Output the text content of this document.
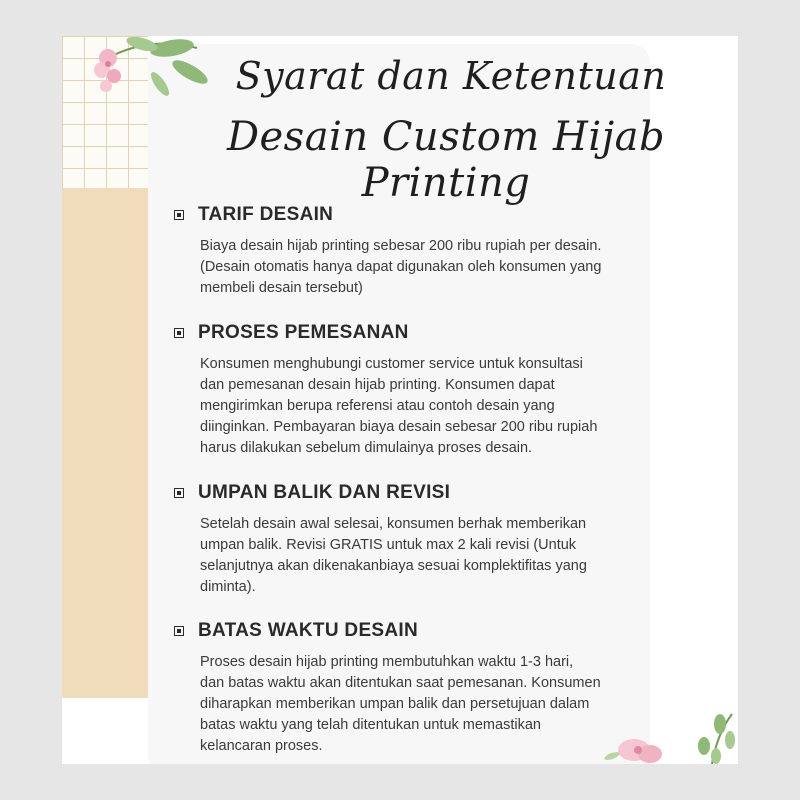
Syarat dan Ketentuan
Desain Custom Hijab Printing
TARIF DESAIN
Biaya desain hijab printing sebesar 200 ribu rupiah per desain.
(Desain otomatis hanya dapat digunakan oleh konsumen yang
membeli desain tersebut)
PROSES PEMESANAN
Konsumen menghubungi customer service untuk konsultasi
dan pemesanan desain hijab printing. Konsumen dapat
mengirimkan berupa referensi atau contoh desain yang
diinginkan. Pembayaran biaya desain sebesar 200 ribu rupiah
harus dilakukan sebelum dimulainya proses desain.
UMPAN BALIK DAN REVISI
Setelah desain awal selesai, konsumen berhak memberikan
umpan balik. Revisi GRATIS untuk max 2 kali revisi (Untuk
selanjutnya akan dikenakanbiaya sesuai komplektifitas yang
diminta).
BATAS WAKTU DESAIN
Proses desain hijab printing membutuhkan waktu 1-3 hari,
dan batas waktu akan ditentukan saat pemesanan. Konsumen
diharapkan memberikan umpan balik dan persetujuan dalam
batas waktu yang telah ditentukan untuk memastikan
kelancaran proses.
